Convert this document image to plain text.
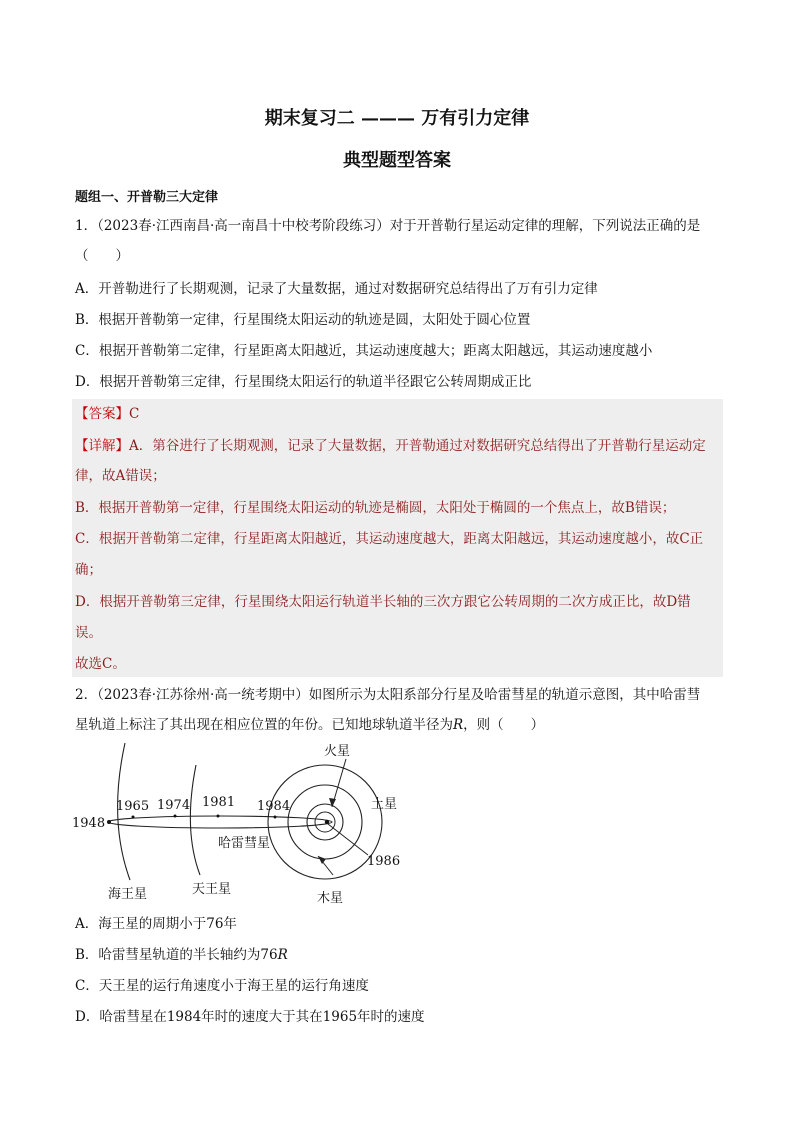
期末复习二 ——— 万有引力定律
典型题型答案
题组一、开普勒三大定律
1．（2023春·江西南昌·高一南昌十中校考阶段练习）对于开普勒行星运动定律的理解，下列说法正确的是
（　　）
A．开普勒进行了长期观测，记录了大量数据，通过对数据研究总结得出了万有引力定律
B．根据开普勒第一定律，行星围绕太阳运动的轨迹是圆，太阳处于圆心位置
C．根据开普勒第二定律，行星距离太阳越近，其运动速度越大；距离太阳越远，其运动速度越小
D．根据开普勒第三定律，行星围绕太阳运行的轨道半径跟它公转周期成正比
【答案】C
【详解】A．第谷进行了长期观测，记录了大量数据，开普勒通过对数据研究总结得出了开普勒行星运动定
律，故A错误；
B．根据开普勒第一定律，行星围绕太阳运动的轨迹是椭圆，太阳处于椭圆的一个焦点上，故B错误；
C．根据开普勒第二定律，行星距离太阳越近，其运动速度越大，距离太阳越远，其运动速度越小，故C正
确；
D．根据开普勒第三定律，行星围绕太阳运行轨道半长轴的三次方跟它公转周期的二次方成正比，故D错
误。
故选C。
2．（2023春·江苏徐州·高一统考期中）如图所示为太阳系部分行星及哈雷彗星的轨道示意图，其中哈雷彗
星轨道上标注了其出现在相应位置的年份。已知地球轨道半径为R，则（　　）
火星
土星
木星
海王星	天王星
哈雷彗星
1948
1965 1974 1981 1984
1986
A．海王星的周期小于76年
B．哈雷彗星轨道的半长轴约为76R
C．天王星的运行角速度小于海王星的运行角速度
D．哈雷彗星在1984年时的速度大于其在1965年时的速度
